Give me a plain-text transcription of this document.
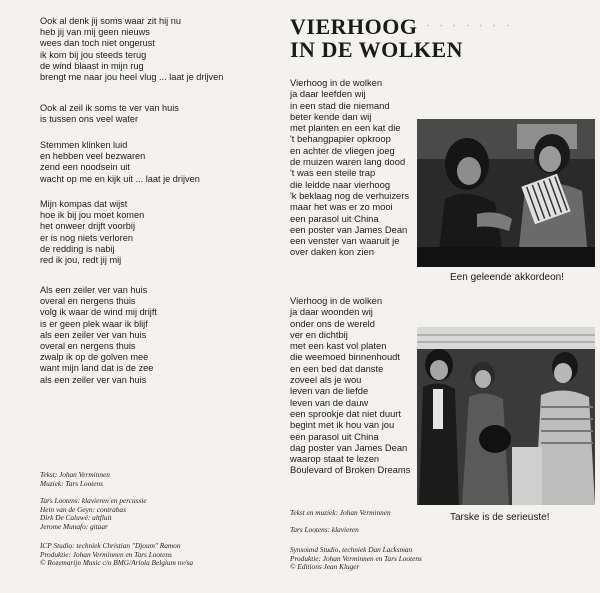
Ook al denk jij soms waar zit hij nu
heb jij van mij geen nieuws
wees dan toch niet ongerust
ik kom bij jou steeds terug
de wind blaast in mijn rug
brengt me naar jou heel vlug ... laat je drijven
Ook al zeil ik soms te ver van huis
is tussen ons veel water
Stemmen klinken luid
en hebben veel bezwaren
zend een noodsein uit
wacht op me en kijk uit ... laat je drijven
Mijn kompas dat wijst
hoe ik bij jou moet komen
het onweer drijft voorbij
er is nog niets verloren
de redding is nabij
red ik jou, redt jij mij
Als een zeiler ver van huis
overal en nergens thuis
volg ik waar de wind mij drijft
is er geen plek waar ik blijf
als een zeiler ver van huis
overal en nergens thuis
zwalp ik op de golven mee
want mijn land dat is de zee
als een zeiler ver van huis
Tekst: Johan Verminnen
Muziek: Tars Lootens
Tars Lootens: klavieren en percussie
Hein van de Geyn: contrabas
Dirk De Caluwé: altfluit
Jerome Munafo: gitaar
ICP Studio: techniek Christian ''Djoum'' Ramon
Produktie: Johan Verminnen en Tars Lootens
© Rozemarijn Music c/o BMG/Ariola Belgium nv/sa
· · · · · · · · · ·
VIERHOOG
IN DE WOLKEN
Vierhoog in de wolken
ja daar leefden wij
in een stad die niemand
beter kende dan wij
met planten en een kat die
't behangpapier opkroop
en achter de vliegen joeg
de muizen waren lang dood
't was een steile trap
die leidde naar vierhoog
'k beklaag nog de verhuizers
maar het was er zo mooi
een parasol uit China
een poster van James Dean
een venster van waaruit je
over daken kon zien
Vierhoog in de wolken
ja daar woonden wij
onder ons de wereld
ver en dichtbij
met een kast vol platen
die weemoed binnenhoudt
en een bed dat danste
zoveel als je wou
leven van de liefde
leven van de dauw
een sprookje dat niet duurt
begint met ik hou van jou
een parasol uit China
dag poster van James Dean
waarop staat te lezen
Boulevard of Broken Dreams
Een geleende akkordeon!
Tarske is de serieuste!
Tekst en muziek: Johan Verminnen
Tars Lootens: klavieren
Synsound Studio, techniek Dan Lacksman
Produktie: Johan Verminnen en Tars Lootens
© Editions Jean Kluger
